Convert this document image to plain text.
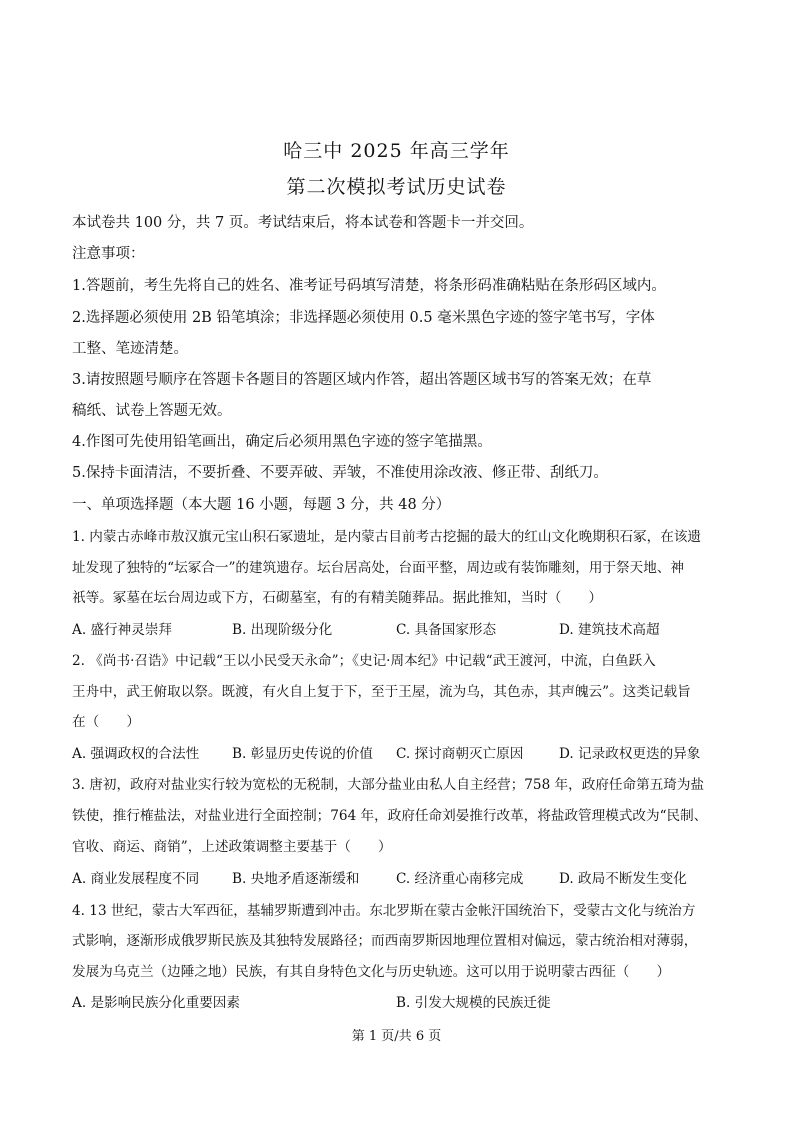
哈三中 2025 年高三学年
第二次模拟考试历史试卷
本试卷共 100 分，共 7 页。考试结束后，将本试卷和答题卡一并交回。
注意事项：
1.答题前，考生先将自己的姓名、准考证号码填写清楚，将条形码准确粘贴在条形码区域内。
2.选择题必须使用 2B 铅笔填涂；非选择题必须使用 0.5 毫米黑色字迹的签字笔书写，字体
工整、笔迹清楚。
3.请按照题号顺序在答题卡各题目的答题区域内作答，超出答题区域书写的答案无效；在草
稿纸、试卷上答题无效。
4.作图可先使用铅笔画出，确定后必须用黑色字迹的签字笔描黑。
5.保持卡面清洁，不要折叠、不要弄破、弄皱，不准使用涂改液、修正带、刮纸刀。
一、单项选择题（本大题 16 小题，每题 3 分，共 48 分）
1. 内蒙古赤峰市敖汉旗元宝山积石冢遗址，是内蒙古目前考古挖掘的最大的红山文化晚期积石冢，在该遗
址发现了独特的“坛冢合一”的建筑遗存。坛台居高处，台面平整，周边或有装饰雕刻，用于祭天地、神
祇等。冢墓在坛台周边或下方，石砌墓室，有的有精美随葬品。据此推知，当时（　　）
A. 盛行神灵崇拜	B. 出现阶级分化	C. 具备国家形态	D. 建筑技术高超
2. 《尚书·召诰》中记载“王以小民受天永命”；《史记·周本纪》中记载“武王渡河，中流，白鱼跃入
王舟中，武王俯取以祭。既渡，有火自上复于下，至于王屋，流为乌，其色赤，其声魄云”。这类记载旨
在（　　）
A. 强调政权的合法性 B. 彰显历史传说的价值 C. 探讨商朝灭亡原因	D. 记录政权更迭的异象
3. 唐初，政府对盐业实行较为宽松的无税制，大部分盐业由私人自主经营；758 年，政府任命第五琦为盐
铁使，推行榷盐法，对盐业进行全面控制；764 年，政府任命刘晏推行改革，将盐政管理模式改为“民制、
官收、商运、商销”，上述政策调整主要基于（　　）
A. 商业发展程度不同 B. 央地矛盾逐渐缓和	C. 经济重心南移完成	D. 政局不断发生变化
4. 13 世纪，蒙古大军西征，基辅罗斯遭到冲击。东北罗斯在蒙古金帐汗国统治下，受蒙古文化与统治方
式影响，逐渐形成俄罗斯民族及其独特发展路径；而西南罗斯因地理位置相对偏远，蒙古统治相对薄弱，
发展为乌克兰（边陲之地）民族，有其自身特色文化与历史轨迹。这可以用于说明蒙古西征（　　）
A. 是影响民族分化重要因素	B. 引发大规模的民族迁徙
第 1 页/共 6 页
